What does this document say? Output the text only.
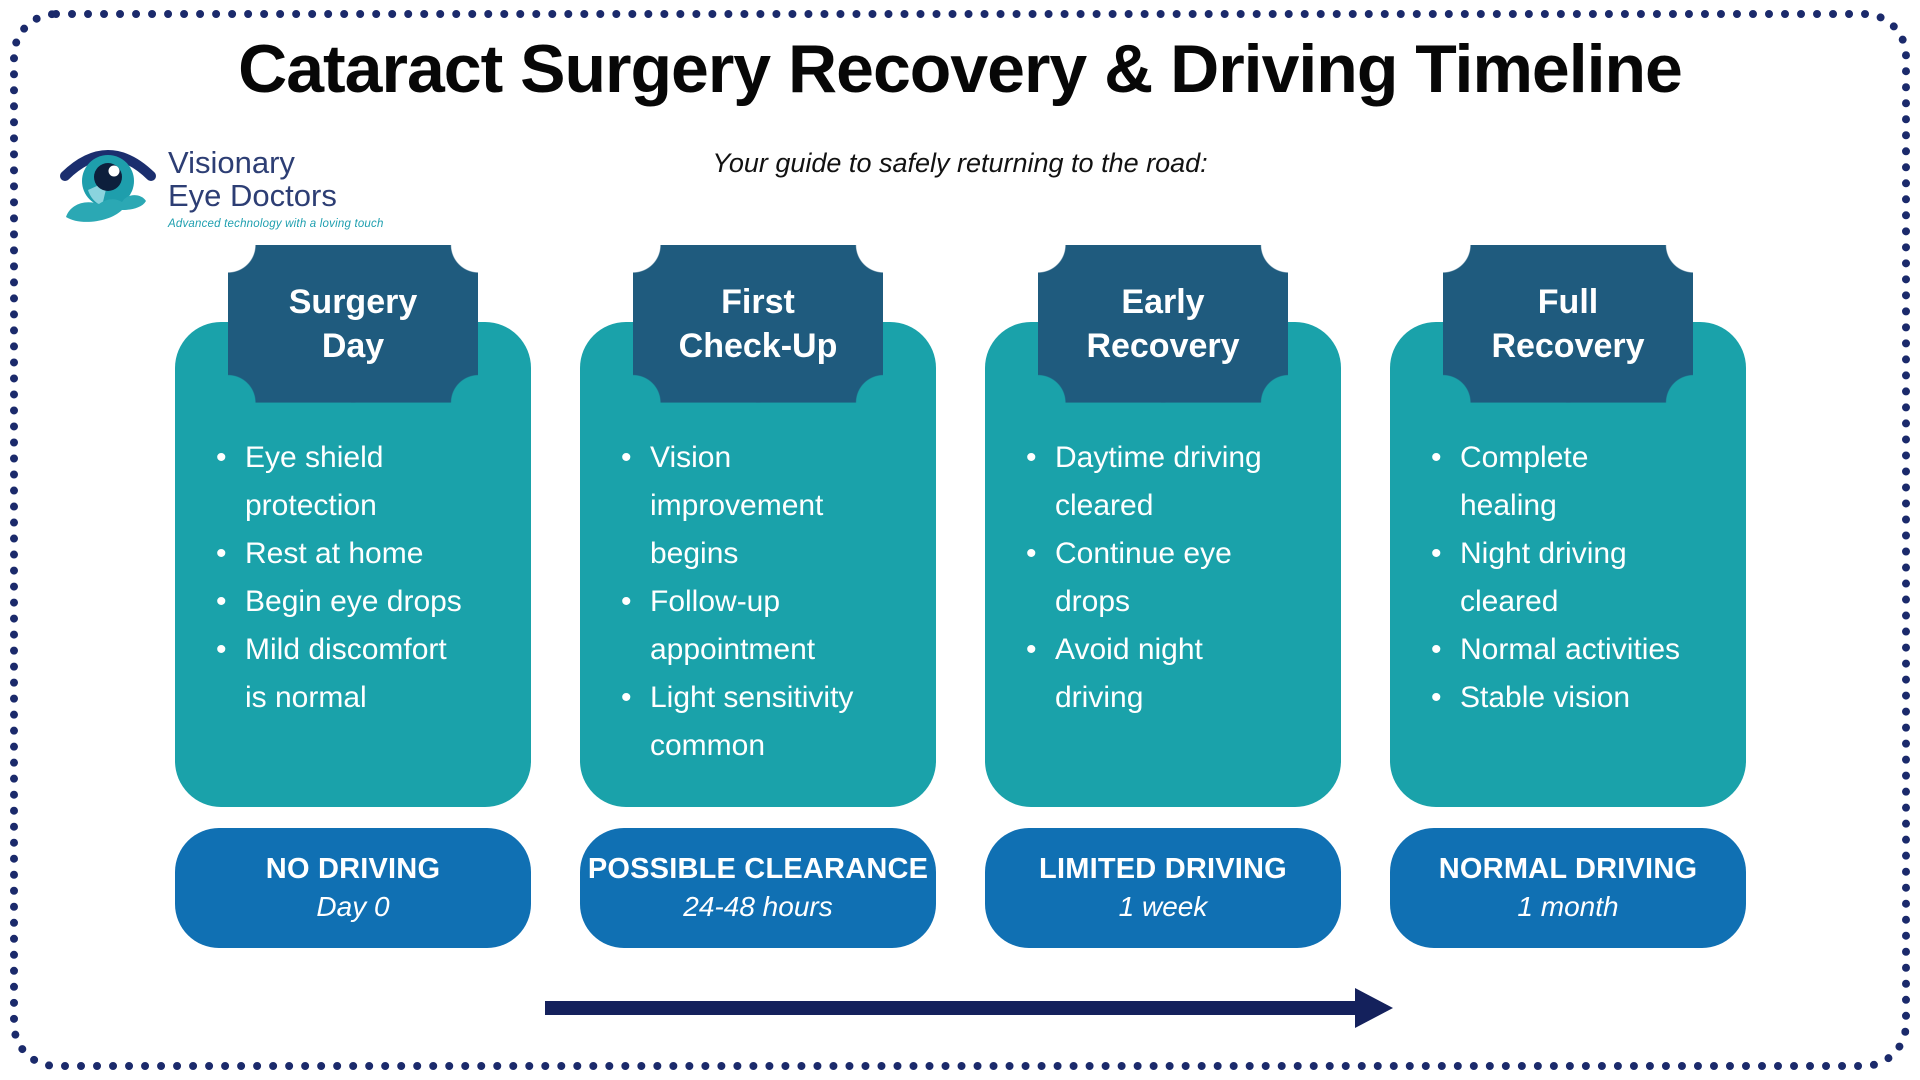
Cataract Surgery Recovery & Driving Timeline
Visionary
Eye Doctors
Advanced technology with a loving touch
Your guide to safely returning to the road:
Surgery Day
• Eye shield protection
• Rest at home
• Begin eye drops
• Mild discomfort is normal
NO DRIVING
Day 0
First Check-Up
• Vision improvement begins
• Follow-up appointment
• Light sensitivity common
POSSIBLE CLEARANCE
24-48 hours
Early Recovery
• Daytime driving cleared
• Continue eye drops
• Avoid night driving
LIMITED DRIVING
1 week
Full Recovery
• Complete healing
• Night driving cleared
• Normal activities
• Stable vision
NORMAL DRIVING
1 month
